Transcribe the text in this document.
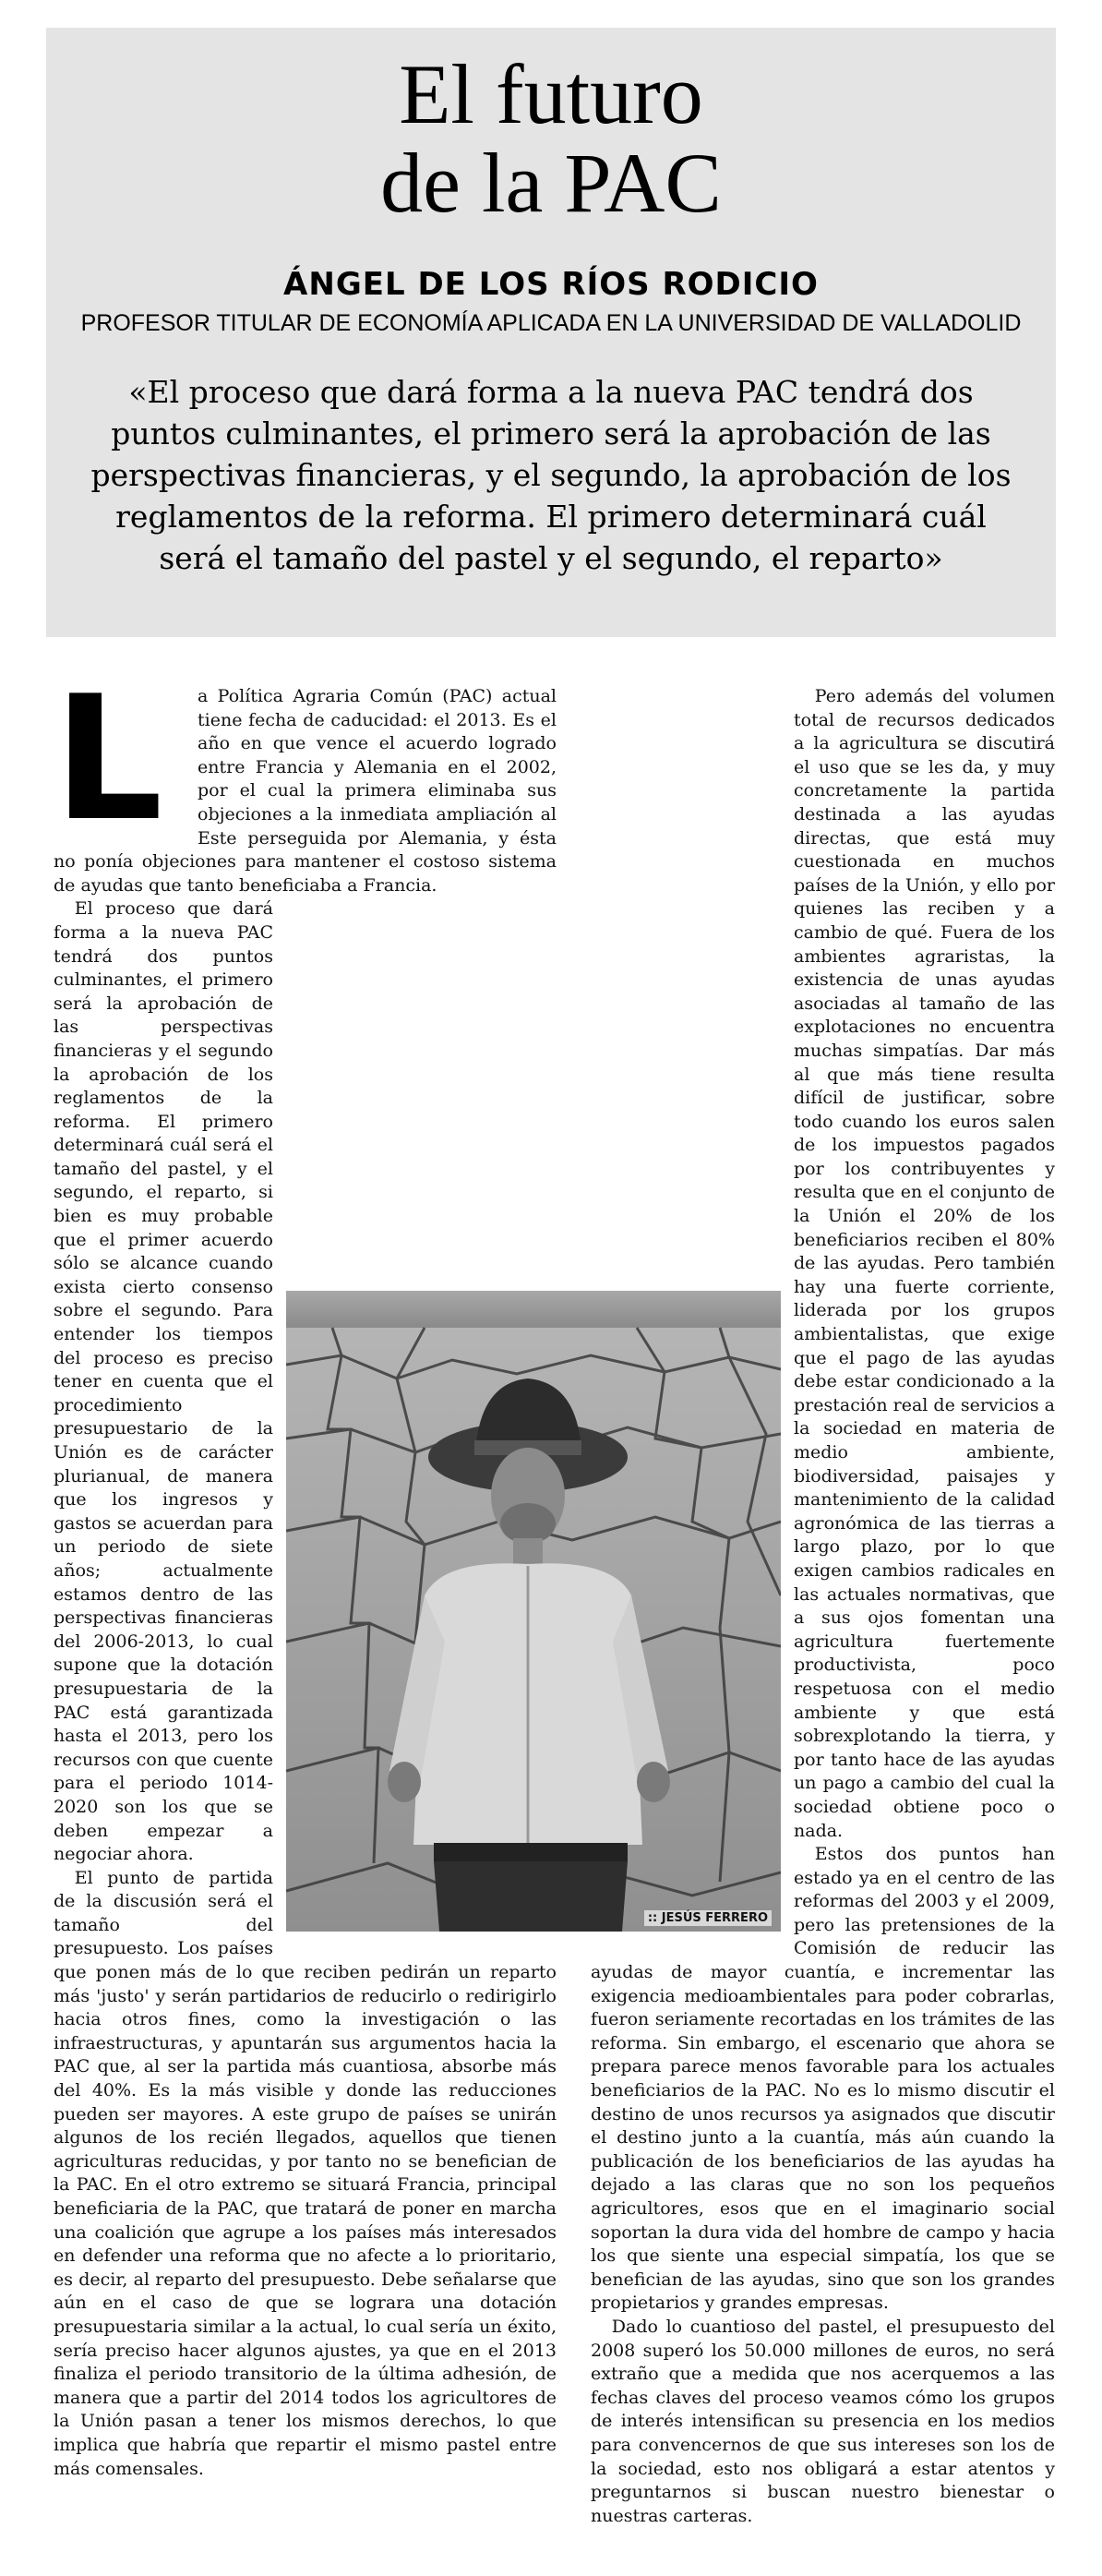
El futuro
de la PAC
ÁNGEL DE LOS RÍOS RODICIO
PROFESOR TITULAR DE ECONOMÍA APLICADA EN LA UNIVERSIDAD DE VALLADOLID

«El proceso que dará forma a la nueva PAC tendrá dos puntos culminantes, el primero será la aprobación de las perspectivas financieras, y el segundo, la aprobación de los reglamentos de la reforma. El primero determinará cuál será el tamaño del pastel y el segundo, el reparto»

L	a Política Agraria Común (PAC) actual tiene fecha de caducidad: el 2013. Es el año en que vence el acuerdo logrado entre Francia y Alemania en el 2002, por el cual la primera eliminaba sus objeciones a la inmediata ampliación al Este perseguida por Alemania, y ésta no ponía objeciones para mantener el costoso sistema de ayudas que tanto beneficiaba a Francia.

El proceso que dará forma a la nueva PAC tendrá dos puntos culminantes, el primero será la aprobación de las perspectivas financieras y el segundo la aprobación de los reglamentos de la reforma. El primero determinará cuál será el tamaño del pastel, y el segundo, el reparto, si bien es muy probable que el primer acuerdo sólo se alcance cuando exista cierto consenso sobre el segundo. Para entender los tiempos del proceso es preciso tener en cuenta que el procedimiento presupuestario de la Unión es de carácter plurianual, de manera que los ingresos y gastos se acuerdan para un periodo de siete años; actualmente estamos dentro de las perspectivas financieras del 2006-2013, lo cual supone que la dotación presupuestaria de la PAC está garantizada hasta el 2013, pero los recursos con que cuente para el periodo 1014-2020 son los que se deben empezar a negociar ahora.

El punto de partida de la discusión será el tamaño del presupuesto. Los países que ponen más de lo que reciben pedirán un reparto más 'justo' y serán partidarios de reducirlo o redirigirlo hacia otros fines, como la investigación o las infraestructuras, y apuntarán sus argumentos hacia la PAC que, al ser la partida más cuantiosa, absorbe más del 40%. Es la más visible y donde las reducciones pueden ser mayores. A este grupo de países se unirán algunos de los recién llegados, aquellos que tienen agriculturas reducidas, y por tanto no se benefician de la PAC. En el otro extremo se situará Francia, principal beneficiaria de la PAC, que tratará de poner en marcha una coalición que agrupe a los países más interesados en defender una reforma que no afecte a lo prioritario, es decir, al reparto del presupuesto. Debe señalarse que aún en el caso de que se lograra una dotación presupuestaria similar a la actual, lo cual sería un éxito, sería preciso hacer algunos ajustes, ya que en el 2013 finaliza el periodo transitorio de la última adhesión, de manera que a partir del 2014 todos los agricultores de la Unión pasan a tener los mismos derechos, lo que implica que habría que repartir el mismo pastel entre más comensales.

Pero además del volumen total de recursos dedicados a la agricultura se discutirá el uso que se les da, y muy concretamente la partida destinada a las ayudas directas, que está muy cuestionada en muchos países de la Unión, y ello por quienes las reciben y a cambio de qué. Fuera de los ambientes agraristas, la existencia de unas ayudas asociadas al tamaño de las explotaciones no encuentra muchas simpatías. Dar más al que más tiene resulta difícil de justificar, sobre todo cuando los euros salen de los impuestos pagados por los contribuyentes y resulta que en el conjunto de la Unión el 20% de los beneficiarios reciben el 80% de las ayudas. Pero también hay una fuerte corriente, liderada por los grupos ambientalistas, que exige que el pago de las ayudas debe estar condicionado a la prestación real de servicios a la sociedad en materia de medio ambiente, biodiversidad, paisajes y mantenimiento de la calidad agronómica de las tierras a largo plazo, por lo que exigen cambios radicales en las actuales normativas, que a sus ojos fomentan una agricultura fuertemente productivista, poco respetuosa con el medio ambiente y que está sobrexplotando la tierra, y por tanto hace de las ayudas un pago a cambio del cual la sociedad obtiene poco o nada.

Estos dos puntos han estado ya en el centro de las reformas del 2003 y el 2009, pero las pretensiones de la Comisión de reducir las ayudas de mayor cuantía, e incrementar las exigencia medioambientales para poder cobrarlas, fueron seriamente recortadas en los trámites de las reforma. Sin embargo, el escenario que ahora se prepara parece menos favorable para los actuales beneficiarios de la PAC. No es lo mismo discutir el destino de unos recursos ya asignados que discutir el destino junto a la cuantía, más aún cuando la publicación de los beneficiarios de las ayudas ha dejado a las claras que no son los pequeños agricultores, esos que en el imaginario social soportan la dura vida del hombre de campo y hacia los que siente una especial simpatía, los que se benefician de las ayudas, sino que son los grandes propietarios y grandes empresas.

Dado lo cuantioso del pastel, el presupuesto del 2008 superó los 50.000 millones de euros, no será extraño que a medida que nos acerquemos a las fechas claves del proceso veamos cómo los grupos de interés intensifican su presencia en los medios para convencernos de que sus intereses son los de la sociedad, esto nos obligará a estar atentos y preguntarnos si buscan nuestro bienestar o nuestras carteras.

:: JESÚS FERRERO
